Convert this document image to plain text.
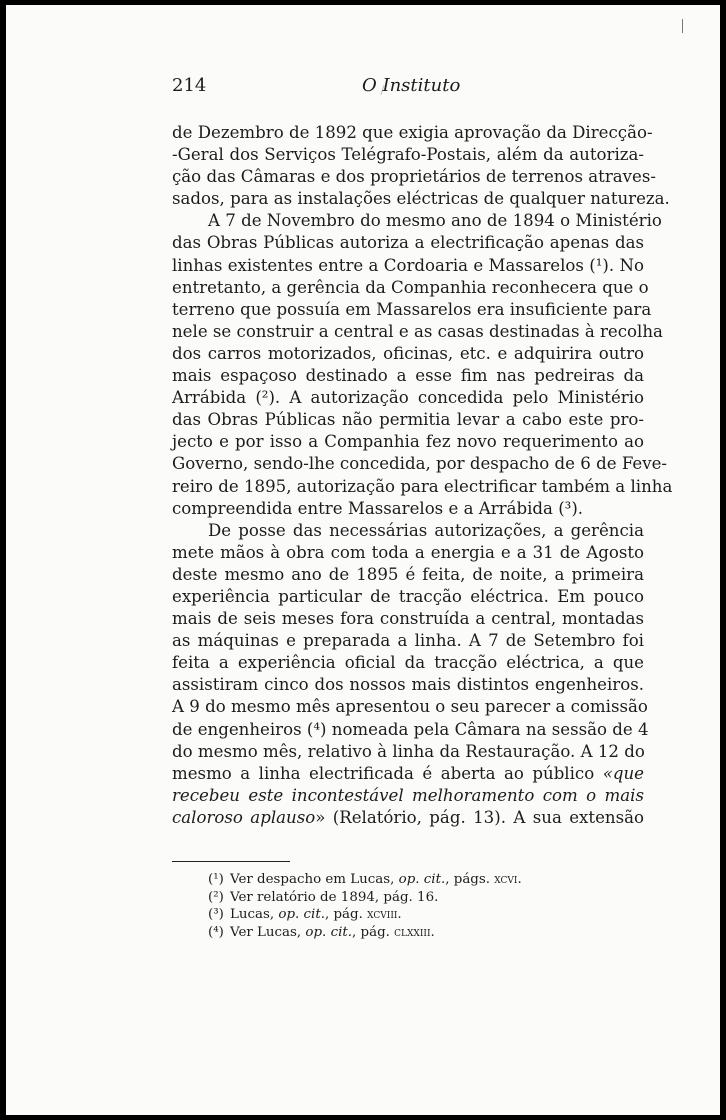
214	O Instituto

de Dezembro de 1892 que exigia aprovação da Direcção-
-Geral dos Serviços Telégrafo-Postais, além da autoriza-
ção das Câmaras e dos proprietários de terrenos atraves-
sados, para as instalações eléctricas de qualquer natureza.

A 7 de Novembro do mesmo ano de 1894 o Ministério
das Obras Públicas autoriza a electrificação apenas das
linhas existentes entre a Cordoaria e Massarelos (¹). No
entretanto, a gerência da Companhia reconhecera que o
terreno que possuía em Massarelos era insuficiente para
nele se construir a central e as casas destinadas à recolha
dos carros motorizados, oficinas, etc. e adquirira outro
mais espaçoso destinado a esse fim nas pedreiras da
Arrábida (²). A autorização concedida pelo Ministério
das Obras Públicas não permitia levar a cabo este pro-
jecto e por isso a Companhia fez novo requerimento ao
Governo, sendo-lhe concedida, por despacho de 6 de Feve-
reiro de 1895, autorização para electrificar também a linha
compreendida entre Massarelos e a Arrábida (³).

De posse das necessárias autorizações, a gerência
mete mãos à obra com toda a energia e a 31 de Agosto
deste mesmo ano de 1895 é feita, de noite, a primeira
experiência particular de tracção eléctrica. Em pouco
mais de seis meses fora construída a central, montadas
as máquinas e preparada a linha. A 7 de Setembro foi
feita a experiência oficial da tracção eléctrica, a que
assistiram cinco dos nossos mais distintos engenheiros.
A 9 do mesmo mês apresentou o seu parecer a comissão
de engenheiros (⁴) nomeada pela Câmara na sessão de 4
do mesmo mês, relativo à linha da Restauração. A 12 do
mesmo a linha electrificada é aberta ao público «que
recebeu este incontestável melhoramento com o mais
caloroso aplauso» (Relatório, pág. 13). A sua extensão

(¹) Ver despacho em Lucas, op. cit., págs. xcvi.
(²) Ver relatório de 1894, pág. 16.
(³) Lucas, op. cit., pág. xcviii.
(⁴) Ver Lucas, op. cit., pág. clxxiii.
